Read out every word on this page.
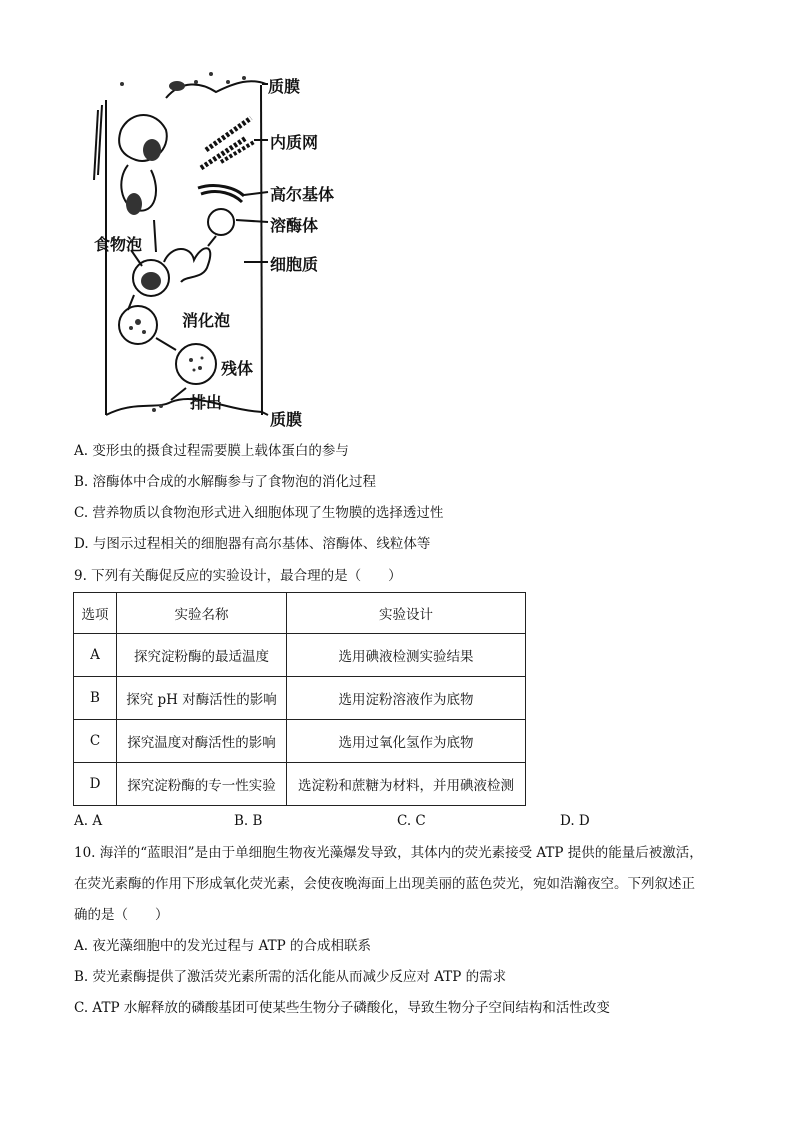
质膜
内质网
高尔基体
溶酶体
细胞质
食物泡
消化泡
残体
排出
质膜
A. 变形虫的摄食过程需要膜上载体蛋白的参与
B. 溶酶体中合成的水解酶参与了食物泡的消化过程
C. 营养物质以食物泡形式进入细胞体现了生物膜的选择透过性
D. 与图示过程相关的细胞器有高尔基体、溶酶体、线粒体等
9. 下列有关酶促反应的实验设计，最合理的是（　　）
选项	实验名称	实验设计
A	探究淀粉酶的最适温度	选用碘液检测实验结果
B	探究 pH 对酶活性的影响	选用淀粉溶液作为底物
C	探究温度对酶活性的影响	选用过氧化氢作为底物
D	探究淀粉酶的专一性实验	选淀粉和蔗糖为材料，并用碘液检测
A. A	B. B	C. C	D. D
10. 海洋的“蓝眼泪”是由于单细胞生物夜光藻爆发导致，其体内的荧光素接受 ATP 提供的能量后被激活，
在荧光素酶的作用下形成氧化荧光素，会使夜晚海面上出现美丽的蓝色荧光，宛如浩瀚夜空。下列叙述正
确的是（　　）
A. 夜光藻细胞中的发光过程与 ATP 的合成相联系
B. 荧光素酶提供了激活荧光素所需的活化能从而减少反应对 ATP 的需求
C. ATP 水解释放的磷酸基团可使某些生物分子磷酸化，导致生物分子空间结构和活性改变
